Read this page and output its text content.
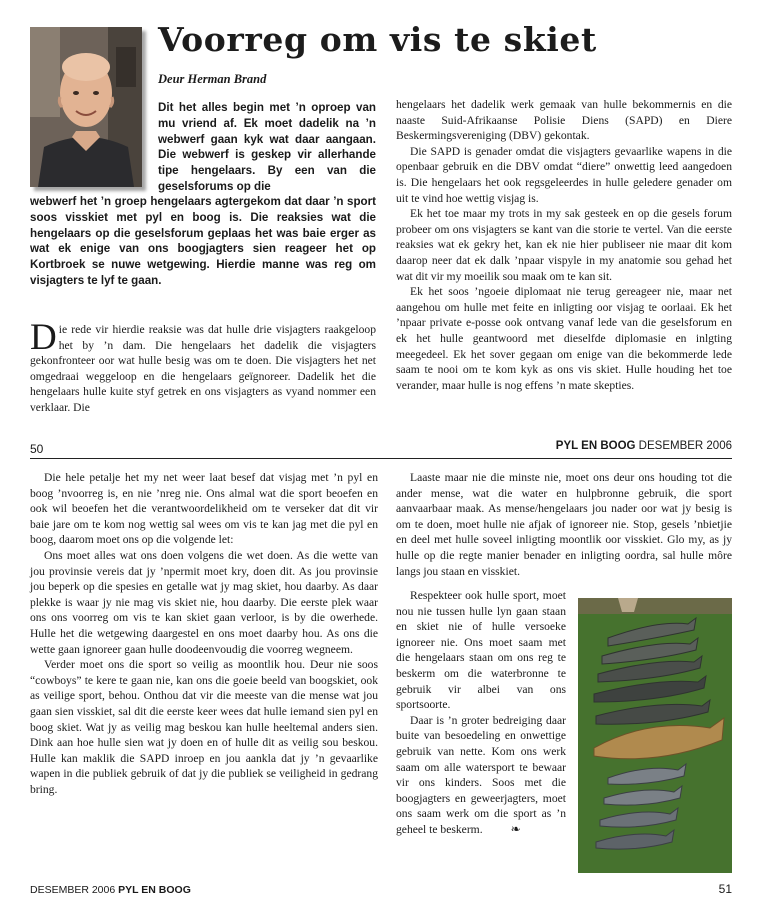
Voorreg om vis te skiet
Deur Herman Brand

Dit het alles begin met ’n oproep van mu vriend af. Ek moet dadelik na ’n webwerf gaan kyk wat daar aangaan. Die webwerf is geskep vir allerhande tipe hengelaars. By een van die geselsforums op die

webwerf het ’n groep hengelaars agtergekom dat daar ’n sport soos visskiet met pyl en boog is. Die reaksies wat die hengelaars op die geselsforum geplaas het was baie erger as wat ek enige van ons boogjagters sien reageer het op Kortbroek se nuwe wetgewing. Hierdie manne was reg om visjagters te lyf te gaan.

Die rede vir hierdie reaksie was dat hulle drie visjagters raakgeloop het by ’n dam. Die hengelaars het dadelik die visjagters gekonfronteer oor wat hulle besig was om te doen. Die visjagters het net omgedraai weggeloop en die hengelaars geïgnoreer. Dadelik het die hengelaars hulle kuite styf getrek en ons visjagters as vyand nommer een verklaar. Die

hengelaars het dadelik werk gemaak van hulle bekommernis en die naaste Suid-Afrikaanse Polisie Diens (SAPD) en Diere Beskermingsvereniging (DBV) gekontak.

Die SAPD is genader omdat die visjagters gevaarlike wapens in die openbaar gebruik en die DBV omdat “diere” onwettig leed aangedoen is. Die hengelaars het ook regsgeleerdes in hulle geledere genader om uit te vind hoe wettig visjag is.

Ek het toe maar my trots in my sak gesteek en op die gesels forum probeer om ons visjagters se kant van die storie te vertel. Van die eerste reaksies wat ek gekry het, kan ek nie hier publiseer nie maar dit kom daarop neer dat ek dalk ’npaar vispyle in my anatomie sou gehad het wat dit vir my moeilik sou maak om te kan sit.

Ek het soos ’ngoeie diplomaat nie terug gereageer nie, maar net aangehou om hulle met feite en inligting oor visjag te oorlaai. Ek het ’npaar private e-posse ook ontvang vanaf lede van die geselsforum en ek het hulle geantwoord met dieselfde diplomasie en inlgting meegedeel. Ek het sover gegaan om enige van die bekommerde lede saam te nooi om te kom kyk as ons vis skiet. Hulle houding het toe verander, maar hulle is nog effens ’n mate skepties.

50	PYL EN BOOG DESEMBER 2006

Die hele petalje het my net weer laat besef dat visjag met ’n pyl en boog ’nvoorreg is, en nie ’nreg nie. Ons almal wat die sport beoefen en ook wil beoefen het die verantwoordelikheid om te verseker dat dit vir baie jare om te kom nog wettig sal wees om vis te kan jag met die pyl en boog, daarom moet ons op die volgende let:

Ons moet alles wat ons doen volgens die wet doen. As die wette van jou provinsie vereis dat jy ’npermit moet kry, doen dit. As jou provinsie jou beperk op die spesies en getalle wat jy mag skiet, hou daarby. As daar plekke is waar jy nie mag vis skiet nie, hou daarby. Die eerste plek waar ons ons voorreg om vis te kan skiet gaan verloor, is by die owerhede. Hulle het die wetgewing daargestel en ons moet daarby hou. As ons die wette gaan ignoreer gaan hulle doodeenvoudig die voorreg wegneem.

Verder moet ons die sport so veilig as moontlik hou. Deur nie soos “cowboys” te kere te gaan nie, kan ons die goeie beeld van boogskiet, ook as veilige sport, behou. Onthou dat vir die meeste van die mense wat jou gaan sien visskiet, sal dit die eerste keer wees dat hulle iemand sien pyl en boog skiet. Wat jy as veilig mag beskou kan hulle heeltemal anders sien. Dink aan hoe hulle sien wat jy doen en of hulle dit as veilig sou beskou. Hulle kan maklik die SAPD inroep en jou aankla dat jy ’n gevaarlike wapen in die publiek gebruik of dat jy die publiek se veiligheid in gedrang bring.

Laaste maar nie die minste nie, moet ons deur ons houding tot die ander mense, wat die water en hulpbronne gebruik, die sport aanvaarbaar maak. As mense/hengelaars jou nader oor wat jy besig is om te doen, moet hulle nie afjak of ignoreer nie. Stop, gesels ’nbietjie en deel met hulle soveel inligting moontlik oor visskiet. Glo my, as jy hulle op die regte manier benader en inligting oordra, sal hulle môre langs jou staan en visskiet.

Respekteer ook hulle sport, moet nou nie tussen hulle lyn gaan staan en skiet nie of hulle versoeke ignoreer nie. Ons moet saam met die hengelaars staan om ons reg te beskerm om die waterbronne te gebruik vir albei van ons sportsoorte.

Daar is ’n groter bedreiging daar buite van besoedeling en onwettige gebruik van nette. Kom ons werk saam om alle watersport te bewaar vir ons kinders. Soos met die boogjagters en geweerjagters, moet ons saam werk om die sport as ’n geheel te beskerm. ❧

DESEMBER 2006 PYL EN BOOG	51
